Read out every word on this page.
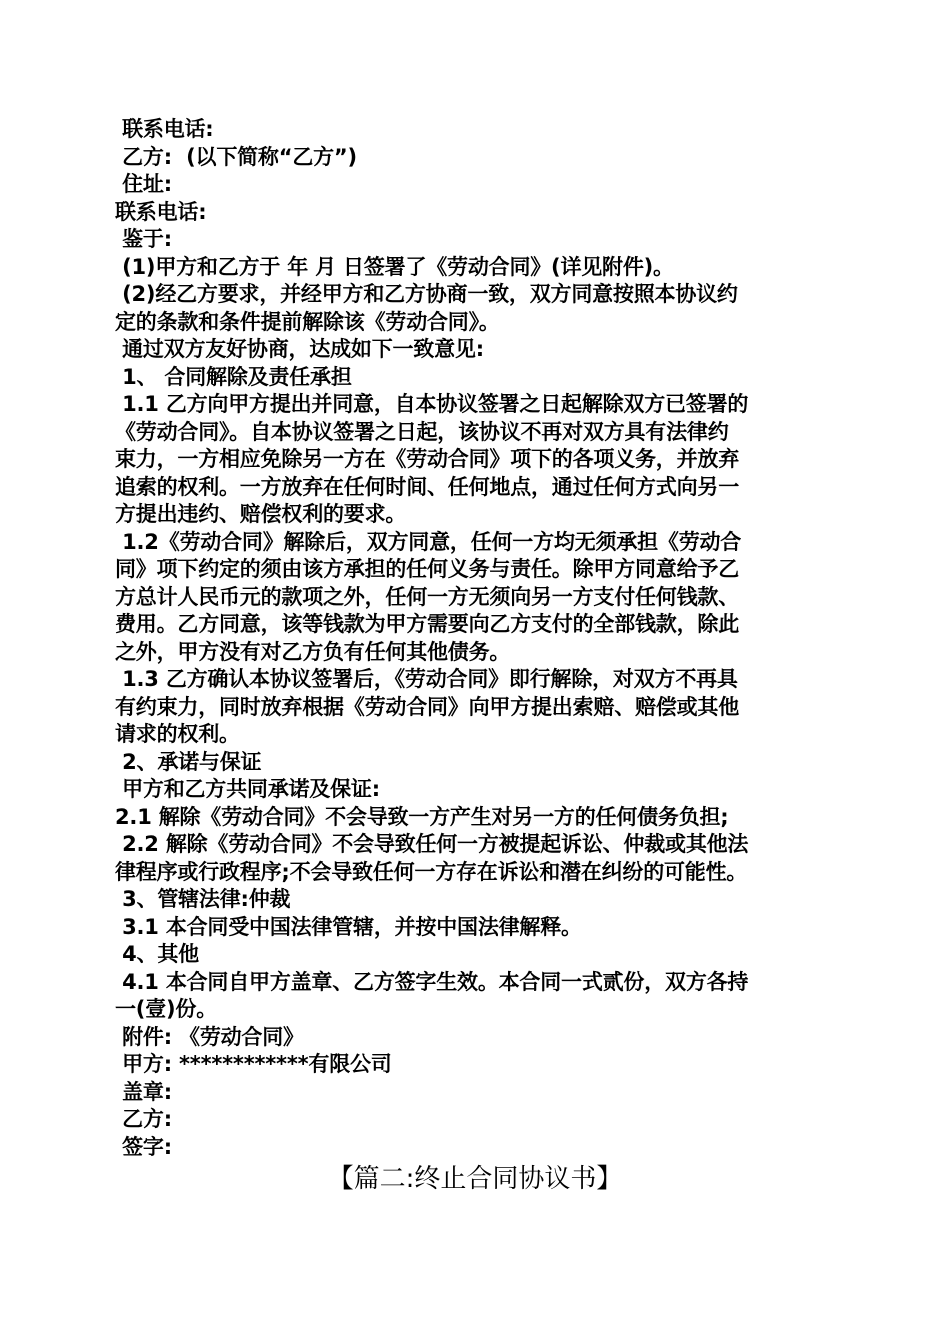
联系电话:
乙方:  (以下简称“乙方”)
住址:
联系电话:
鉴于:
(1)甲方和乙方于 年 月 日签署了《劳动合同》(详见附件)。
(2)经乙方要求，并经甲方和乙方协商一致，双方同意按照本协议约
定的条款和条件提前解除该《劳动合同》。
通过双方友好协商，达成如下一致意见:
1、 合同解除及责任承担
1.1 乙方向甲方提出并同意，自本协议签署之日起解除双方已签署的
《劳动合同》。自本协议签署之日起，该协议不再对双方具有法律约
束力，一方相应免除另一方在《劳动合同》项下的各项义务，并放弃
追索的权利。一方放弃在任何时间、任何地点，通过任何方式向另一
方提出违约、赔偿权利的要求。
1.2《劳动合同》解除后，双方同意，任何一方均无须承担《劳动合
同》项下约定的须由该方承担的任何义务与责任。除甲方同意给予乙
方总计人民币元的款项之外，任何一方无须向另一方支付任何钱款、
费用。乙方同意，该等钱款为甲方需要向乙方支付的全部钱款，除此
之外，甲方没有对乙方负有任何其他债务。
1.3 乙方确认本协议签署后，《劳动合同》即行解除，对双方不再具
有约束力，同时放弃根据《劳动合同》向甲方提出索赔、赔偿或其他
请求的权利。
2、承诺与保证
甲方和乙方共同承诺及保证:
2.1 解除《劳动合同》不会导致一方产生对另一方的任何债务负担;
2.2 解除《劳动合同》不会导致任何一方被提起诉讼、仲裁或其他法
律程序或行政程序;不会导致任何一方存在诉讼和潜在纠纷的可能性。
3、管辖法律:仲裁
3.1 本合同受中国法律管辖，并按中国法律解释。
4、其他
4.1 本合同自甲方盖章、乙方签字生效。本合同一式贰份，双方各持
一(壹)份。
附件: 《劳动合同》
甲方: ************有限公司
盖章:
乙方:
签字:
【篇二:终止合同协议书】
